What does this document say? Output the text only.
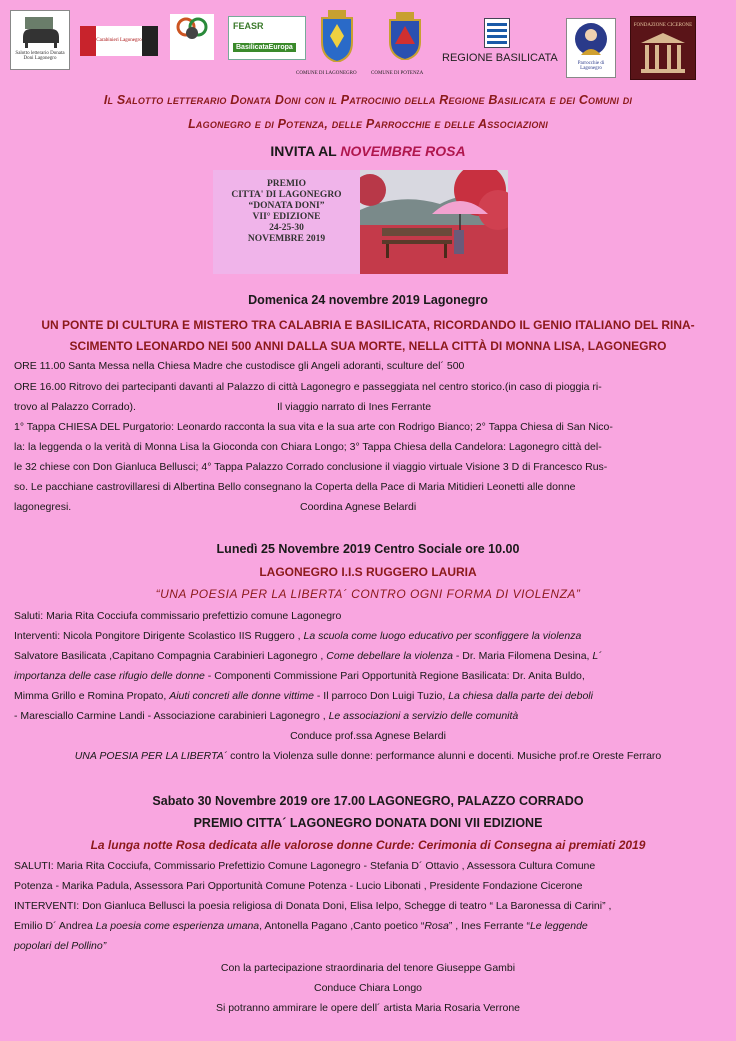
Salotto letterario Donata Doni Lagonegro
Carabinieri Lagonegro
FEASR
BasilicataEuropa
COMUNE DI LAGONEGRO	COMUNE DI POTENZA
REGIONE BASILICATA	Parrocchie di Lagonegro
FONDAZIONE CICERONE
Il Salotto letterario Donata Doni con il Patrocinio della Regione Basilicata e dei Comuni di
Lagonegro e di Potenza, delle Parrocchie e delle Associazioni
INVITA AL NOVEMBRE ROSA
PREMIO
CITTA' DI LAGONEGRO
“DONATA DONI”
VII° EDIZIONE
24-25-30
NOVEMBRE 2019
Domenica 24 novembre 2019 Lagonegro
UN PONTE DI CULTURA E MISTERO TRA CALABRIA E BASILICATA, RICORDANDO IL GENIO ITALIANO DEL RINA-
SCIMENTO LEONARDO NEI 500 ANNI DALLA SUA MORTE, NELLA CITTÀ DI MONNA LISA, LAGONEGRO
ORE 11.00 Santa Messa nella Chiesa Madre che custodisce gli Angeli adoranti, sculture del´ 500
ORE 16.00 Ritrovo dei partecipanti davanti al Palazzo di città Lagonegro e passeggiata nel centro storico.(in caso di pioggia ri-
trovo al Palazzo Corrado).	Il viaggio narrato di Ines Ferrante
1° Tappa CHIESA DEL Purgatorio: Leonardo racconta la sua vita e la sua arte con Rodrigo Bianco; 2° Tappa Chiesa di San Nico-
la: la leggenda o la verità di Monna Lisa la Gioconda con Chiara Longo; 3° Tappa Chiesa della Candelora: Lagonegro città del-
le 32 chiese con Don Gianluca Bellusci; 4° Tappa Palazzo Corrado conclusione il viaggio virtuale Visione 3 D di Francesco Rus-
so. Le pacchiane castrovillaresi di Albertina Bello consegnano la Coperta della Pace di Maria Mitidieri Leonetti alle donne
lagonegresi.	Coordina Agnese Belardi
Lunedì 25 Novembre 2019 Centro Sociale ore 10.00
LAGONEGRO I.I.S RUGGERO LAURIA
“UNA POESIA PER LA LIBERTA´ CONTRO OGNI FORMA DI VIOLENZA”
Saluti: Maria Rita Cocciufa commissario prefettizio comune Lagonegro
Interventi: Nicola Pongitore Dirigente Scolastico IIS Ruggero , La scuola come luogo educativo per sconfiggere la violenza
Salvatore Basilicata ,Capitano Compagnia Carabinieri Lagonegro , Come debellare la violenza - Dr. Maria Filomena Desina, L´
importanza delle case rifugio delle donne - Componenti Commissione Pari Opportunità Regione Basilicata: Dr. Anita Buldo,
Mimma Grillo e Romina Propato, Aiuti concreti alle donne vittime - Il parroco Don Luigi Tuzio, La chiesa dalla parte dei deboli
- Maresciallo Carmine Landi - Associazione carabinieri Lagonegro , Le associazioni a servizio delle comunità
Conduce prof.ssa Agnese Belardi
UNA POESIA PER LA LIBERTA´ contro la Violenza sulle donne: performance alunni e docenti. Musiche prof.re Oreste Ferraro
Sabato 30 Novembre 2019 ore 17.00 LAGONEGRO, PALAZZO CORRADO
PREMIO CITTA´ LAGONEGRO DONATA DONI VII EDIZIONE
La lunga notte Rosa dedicata alle valorose donne Curde: Cerimonia di Consegna ai premiati 2019
SALUTI: Maria Rita Cocciufa, Commissario Prefettizio Comune Lagonegro - Stefania D´ Ottavio , Assessora Cultura Comune
Potenza - Marika Padula, Assessora Pari Opportunità Comune Potenza - Lucio Libonati , Presidente Fondazione Cicerone
INTERVENTI: Don Gianluca Bellusci la poesia religiosa di Donata Doni, Elisa Ielpo, Schegge di teatro “ La Baronessa di Carini” ,
Emilio D´ Andrea La poesia come esperienza umana, Antonella Pagano ,Canto poetico “Rosa” , Ines Ferrante “Le leggende
popolari del Pollino”
Con la partecipazione straordinaria del tenore Giuseppe Gambi
Conduce Chiara Longo
Si potranno ammirare le opere dell´ artista Maria Rosaria Verrone
